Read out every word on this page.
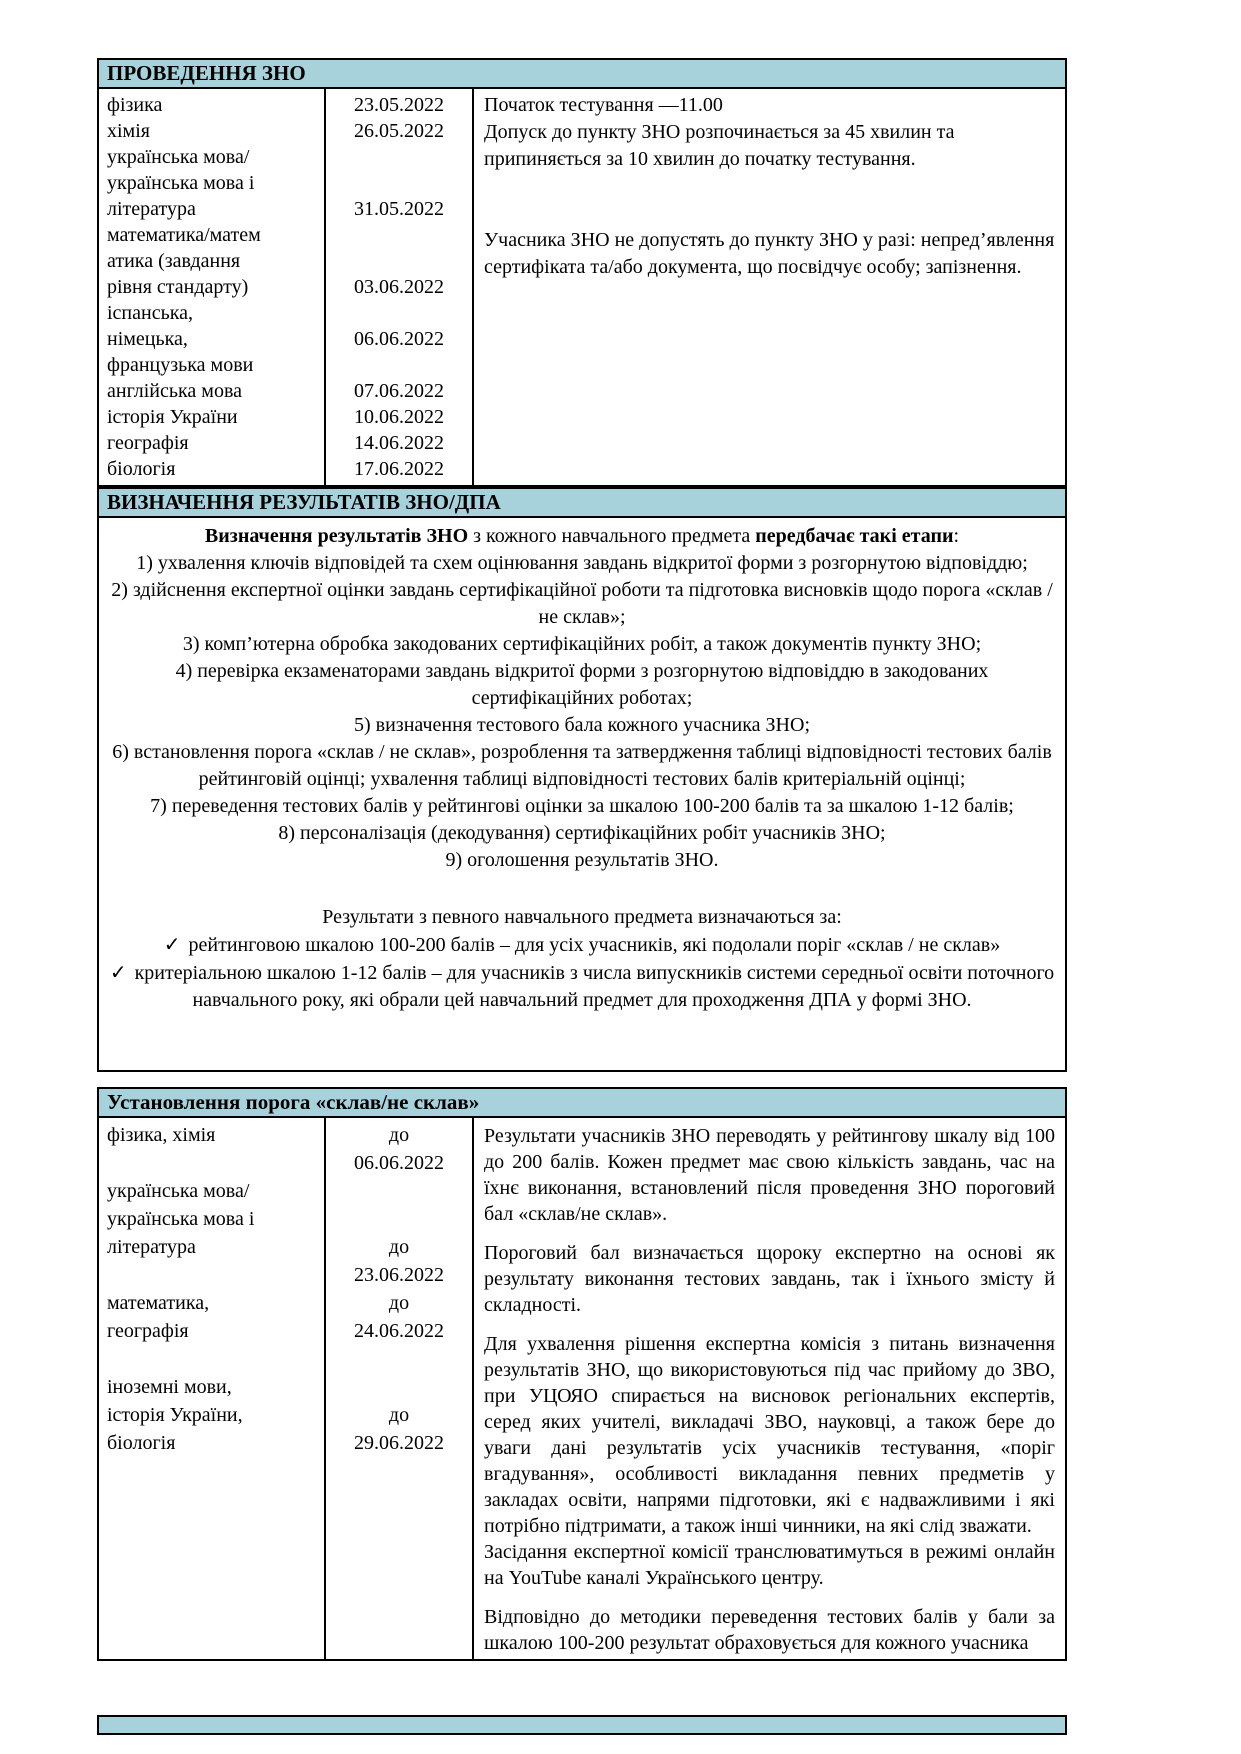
ПРОВЕДЕННЯ ЗНО
фізика
хімія
українська мова/
українська мова і
література
математика/матем
атика (завдання
рівня стандарту)
іспанська,
німецька,
французька мови
англійська мова
історія України
географія
біологія
23.05.2022
26.05.2022
31.05.2022
03.06.2022
06.06.2022
07.06.2022
10.06.2022
14.06.2022
17.06.2022

Початок тестування —11.00

Допуск до пункту ЗНО розпочинається за 45 хвилин та припиняється за 10 хвилин до початку тестування.

Учасника ЗНО не допустять до пункту ЗНО у разі: непред’явлення сертифіката та/або документа, що посвідчує особу; запізнення.

ВИЗНАЧЕННЯ РЕЗУЛЬТАТІВ ЗНО/ДПА
Визначення результатів ЗНО з кожного навчального предмета передбачає такі етапи:
1) ухвалення ключів відповідей та схем оцінювання завдань відкритої форми з розгорнутою відповіддю;
2) здійснення експертної оцінки завдань сертифікаційної роботи та підготовка висновків щодо порога «склав / не склав»;
3) комп’ютерна обробка закодованих сертифікаційних робіт, а також документів пункту ЗНО;
4) перевірка екзаменаторами завдань відкритої форми з розгорнутою відповіддю в закодованих сертифікаційних роботах;
5) визначення тестового бала кожного учасника ЗНО;
6) встановлення порога «склав / не склав», розроблення та затвердження таблиці відповідності тестових балів рейтинговій оцінці; ухвалення таблиці відповідності тестових балів критеріальній оцінці;
7) переведення тестових балів у рейтингові оцінки за шкалою 100-200 балів та за шкалою 1-12 балів;
8) персоналізація (декодування) сертифікаційних робіт учасників ЗНО;
9) оголошення результатів ЗНО.
Результати з певного навчального предмета визначаються за:
✓ рейтинговою шкалою 100-200 балів – для усіх учасників, які подолали поріг «склав / не склав»
✓ критеріальною шкалою 1-12 балів – для учасників з числа випускників системи середньої освіти поточного навчального року, які обрали цей навчальний предмет для проходження ДПА у формі ЗНО.
Установлення порога «склав/не склав»
фізика, хімія
українська мова/
українська мова і
література
математика,
географія
іноземні мови,
історія України,
біологія
до
06.06.2022
до
23.06.2022
до
24.06.2022
до
29.06.2022

Результати учасників ЗНО переводять у рейтингову шкалу від 100 до 200 балів. Кожен предмет має свою кількість завдань, час на їхнє виконання, встановлений після проведення ЗНО пороговий бал «склав/не склав».

Пороговий бал визначається щороку експертно на основі як результату виконання тестових завдань, так і їхнього змісту й складності.

Для ухвалення рішення експертна комісія з питань визначення результатів ЗНО, що використовуються під час прийому до ЗВО, при УЦОЯО спирається на висновок регіональних експертів, серед яких учителі, викладачі ЗВО, науковці, а також бере до уваги дані результатів усіх учасників тестування, «поріг вгадування», особливості викладання певних предметів у закладах освіти, напрями підготовки, які є надважливими і які потрібно підтримати, а також інші чинники, на які слід зважати.

Засідання експертної комісії транслюватимуться в режимі онлайн на YouTube каналі Українського центру.

Відповідно до методики переведення тестових балів у бали за шкалою 100-200 результат обраховується для кожного учасника
